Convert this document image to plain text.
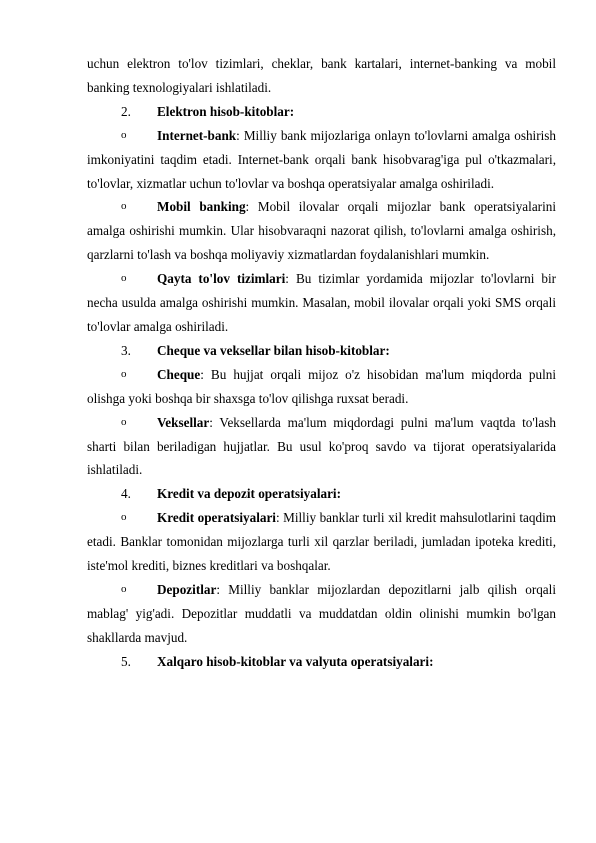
uchun elektron to'lov tizimlari, cheklar, bank kartalari, internet-banking va mobil banking texnologiyalari ishlatiladi.

2. Elektron hisob-kitoblar:

o Internet-bank: Milliy bank mijozlariga onlayn to'lovlarni amalga oshirish imkoniyatini taqdim etadi. Internet-bank orqali bank hisobvarag'iga pul o'tkazmalari, to'lovlar, xizmatlar uchun to'lovlar va boshqa operatsiyalar amalga oshiriladi.

o Mobil banking: Mobil ilovalar orqali mijozlar bank operatsiyalarini amalga oshirishi mumkin. Ular hisobvaraqni nazorat qilish, to'lovlarni amalga oshirish, qarzlarni to'lash va boshqa moliyaviy xizmatlardan foydalanishlari mumkin.

o Qayta to'lov tizimlari: Bu tizimlar yordamida mijozlar to'lovlarni bir necha usulda amalga oshirishi mumkin. Masalan, mobil ilovalar orqali yoki SMS orqali to'lovlar amalga oshiriladi.

3. Cheque va veksellar bilan hisob-kitoblar:

o Cheque: Bu hujjat orqali mijoz o'z hisobidan ma'lum miqdorda pulni olishga yoki boshqa bir shaxsga to'lov qilishga ruxsat beradi.

o Veksellar: Veksellarda ma'lum miqdordagi pulni ma'lum vaqtda to'lash sharti bilan beriladigan hujjatlar. Bu usul ko'proq savdo va tijorat operatsiyalarida ishlatiladi.

4. Kredit va depozit operatsiyalari:

o Kredit operatsiyalari: Milliy banklar turli xil kredit mahsulotlarini taqdim etadi. Banklar tomonidan mijozlarga turli xil qarzlar beriladi, jumladan ipoteka krediti, iste'mol krediti, biznes kreditlari va boshqalar.

o Depozitlar: Milliy banklar mijozlardan depozitlarni jalb qilish orqali mablag' yig'adi. Depozitlar muddatli va muddatdan oldin olinishi mumkin bo'lgan shakllarda mavjud.

5. Xalqaro hisob-kitoblar va valyuta operatsiyalari:
